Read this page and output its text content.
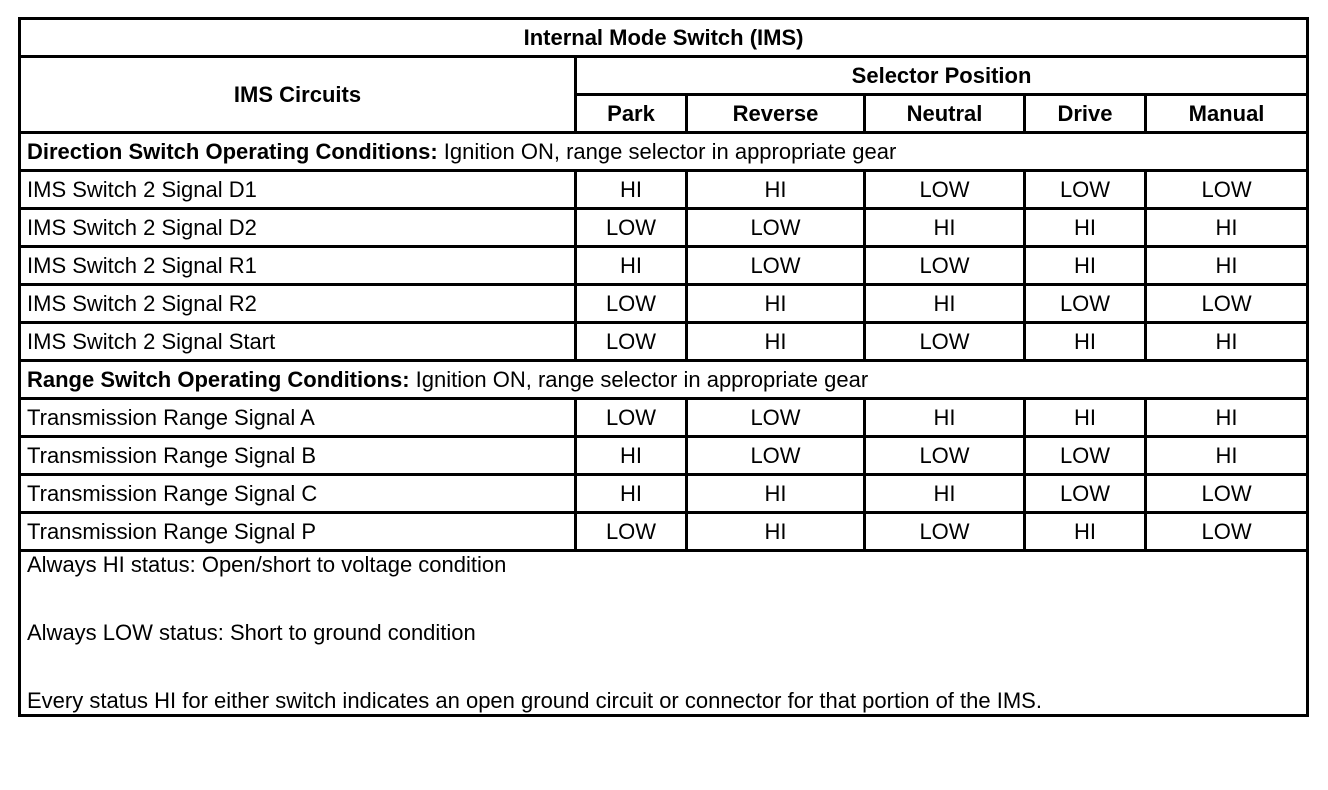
Internal Mode Switch (IMS)					
IMS Circuits	Selector Position				
	Park	Reverse	Neutral	Drive	Manual
Direction Switch Operating Conditions: Ignition ON, range selector in appropriate gear					
IMS Switch 2 Signal D1	HI	HI	LOW	LOW	LOW
IMS Switch 2 Signal D2	LOW	LOW	HI	HI	HI
IMS Switch 2 Signal R1	HI	LOW	LOW	HI	HI
IMS Switch 2 Signal R2	LOW	HI	HI	LOW	LOW
IMS Switch 2 Signal Start	LOW	HI	LOW	HI	HI
Range Switch Operating Conditions: Ignition ON, range selector in appropriate gear					
Transmission Range Signal A	LOW	LOW	HI	HI	HI
Transmission Range Signal B	HI	LOW	LOW	LOW	HI
Transmission Range Signal C	HI	HI	HI	LOW	LOW
Transmission Range Signal P	LOW	HI	LOW	HI	LOW

Always HI status: Open/short to voltage condition
Always LOW status: Short to ground condition
Every status HI for either switch indicates an open ground circuit or connector for that portion of the IMS.					
